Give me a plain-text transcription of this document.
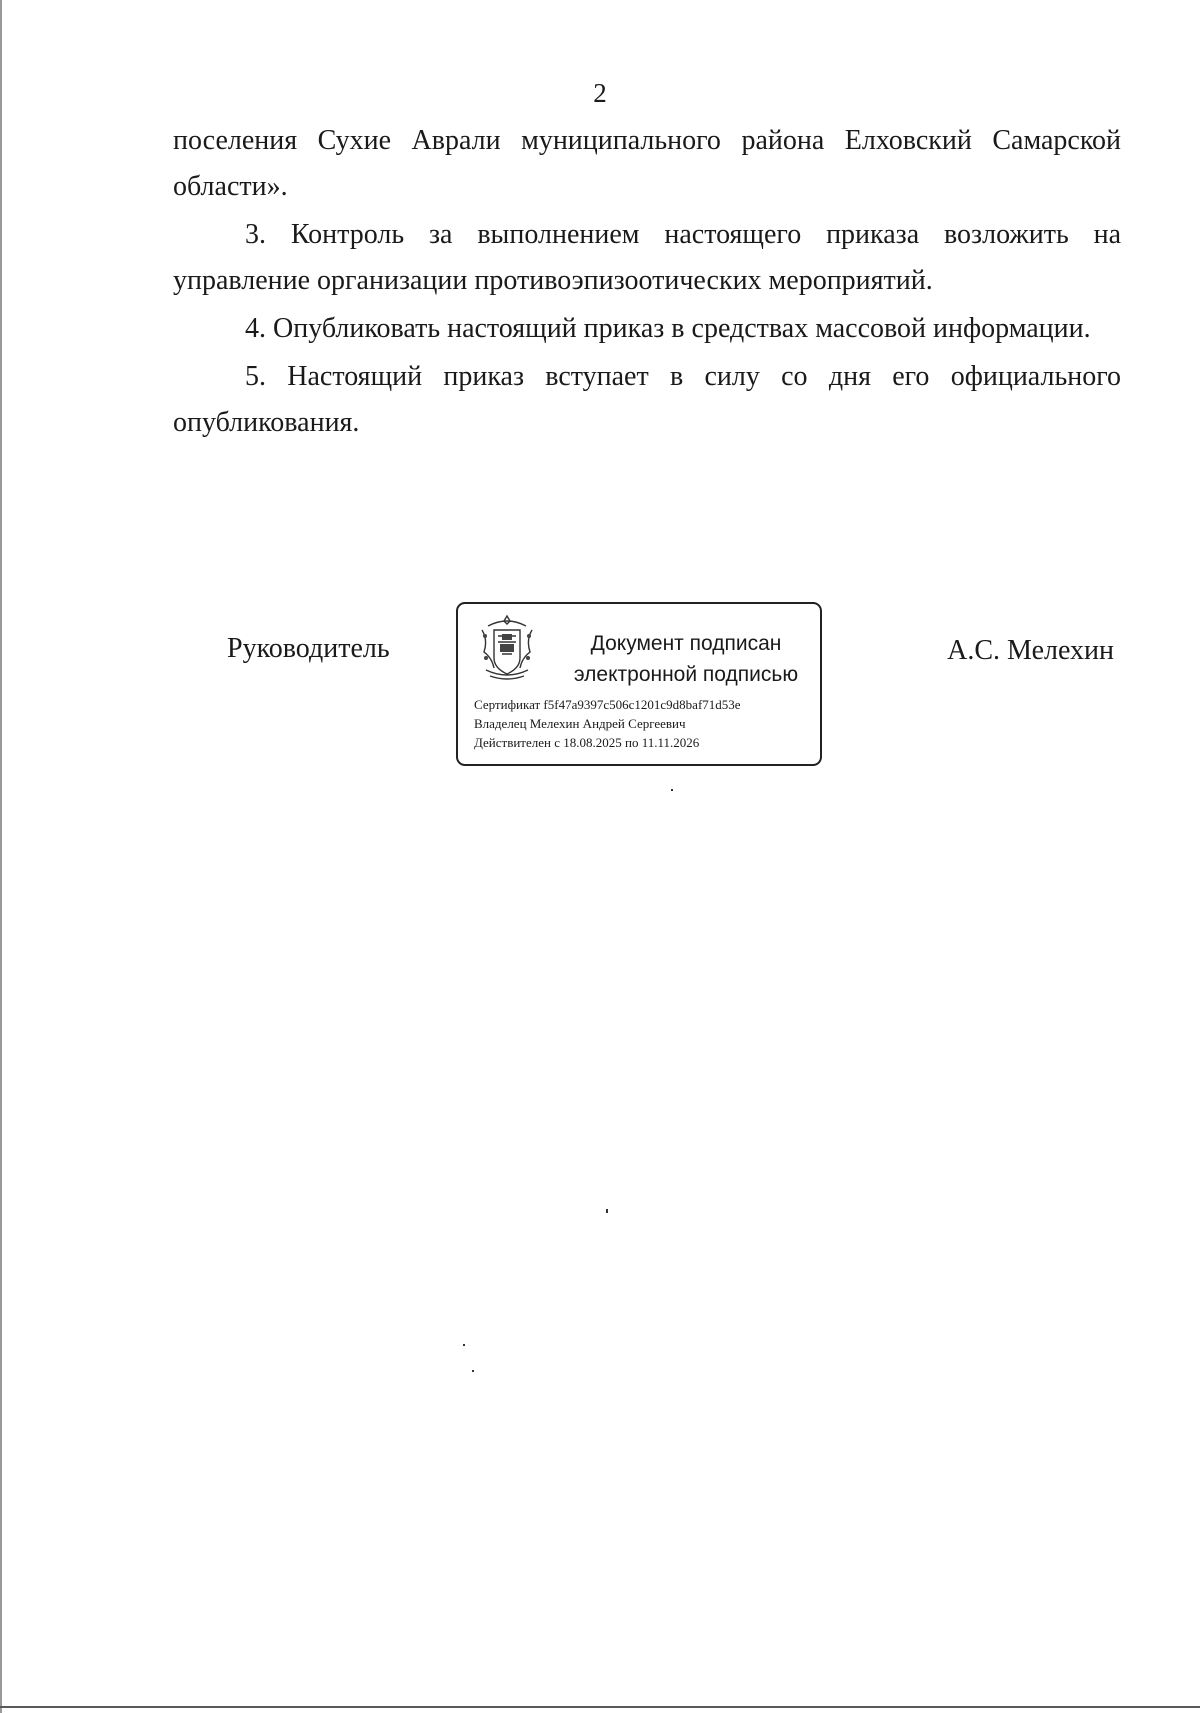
2

поселения Сухие Аврали муниципального района Елховский Самарской области».

3. Контроль за выполнением настоящего приказа возложить на управление организации противоэпизоотических мероприятий.

4. Опубликовать настоящий приказ в средствах массовой информации.

5. Настоящий приказ вступает в силу со дня его официального опубликования.

Руководитель	Документ подписан
электронной подписью
Сертификат f5f47a9397c506c1201c9d8baf71d53e
Владелец Мелехин Андрей Сергеевич
Действителен с 18.08.2025 по 11.11.2026
А.С. Мелехин
